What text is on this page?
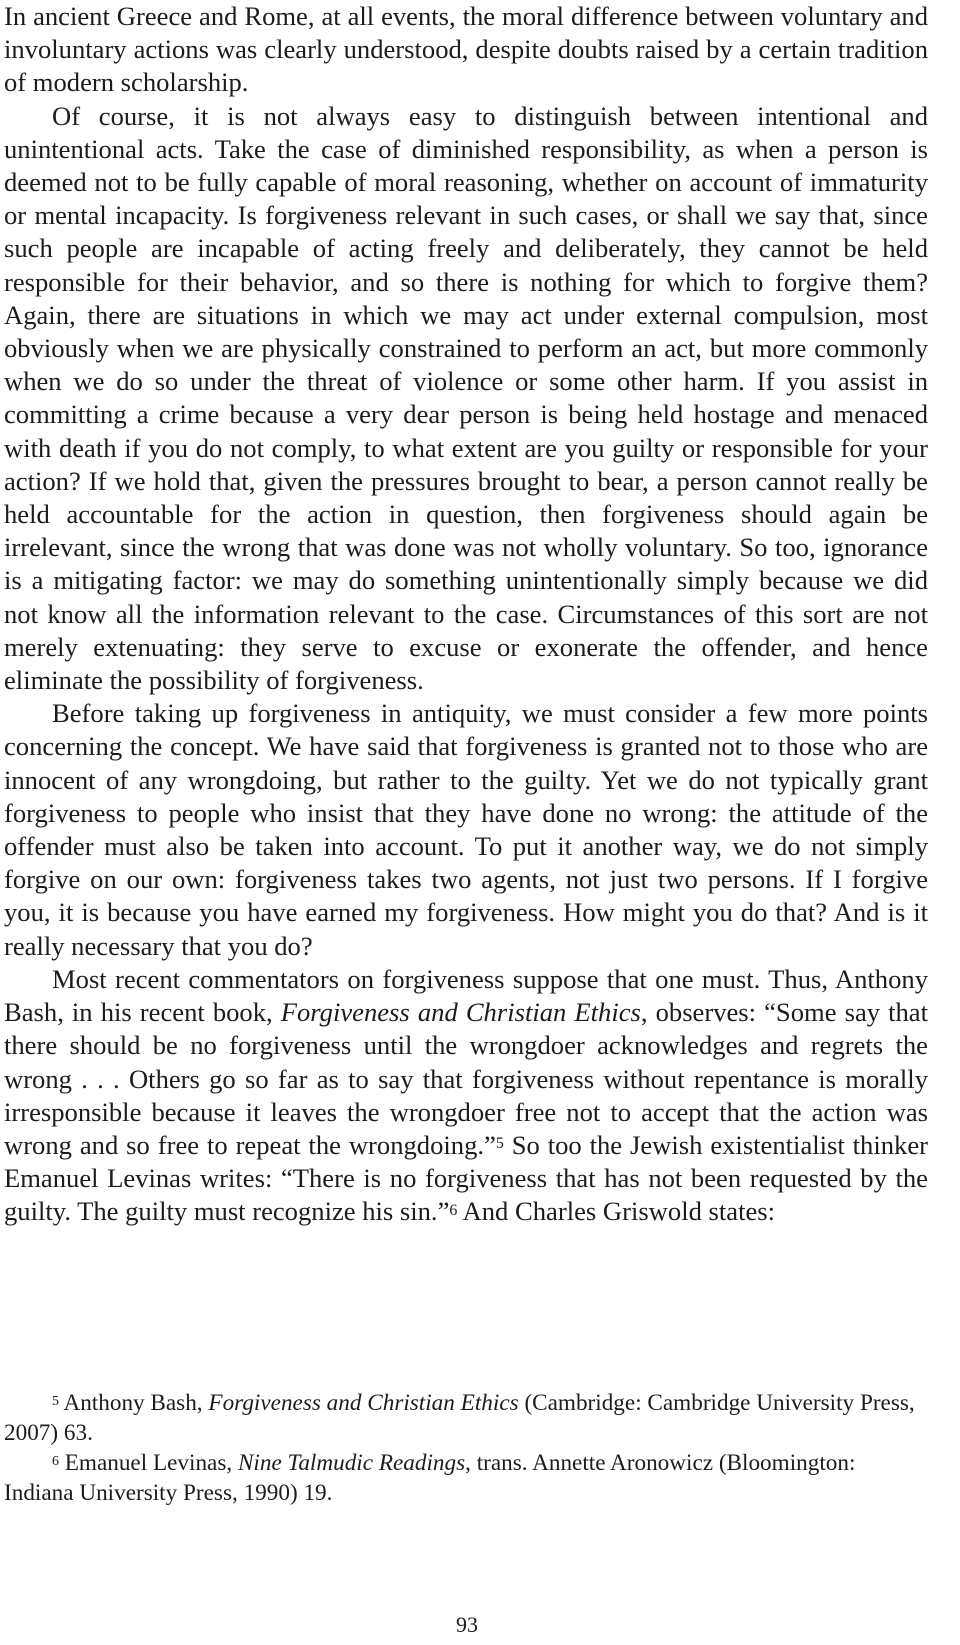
In ancient Greece and Rome, at all events, the moral difference between voluntary and involuntary actions was clearly understood, despite doubts raised by a certain tradition of modern scholarship.

Of course, it is not always easy to distinguish between intentional and unintentional acts. Take the case of diminished responsibility, as when a person is deemed not to be fully capable of moral reasoning, whether on account of immaturity or mental incapacity. Is forgiveness relevant in such cases, or shall we say that, since such people are incapable of acting freely and deliberately, they cannot be held responsible for their behavior, and so there is nothing for which to forgive them? Again, there are situations in which we may act under external compulsion, most obviously when we are physically constrained to perform an act, but more commonly when we do so under the threat of violence or some other harm. If you assist in committing a crime because a very dear person is being held hostage and menaced with death if you do not comply, to what extent are you guilty or responsible for your action? If we hold that, given the pressures brought to bear, a person cannot really be held accountable for the action in question, then forgiveness should again be irrelevant, since the wrong that was done was not wholly voluntary. So too, ignorance is a mitigating factor: we may do something unintentionally simply because we did not know all the information relevant to the case. Circumstances of this sort are not merely extenuating: they serve to excuse or exonerate the offender, and hence eliminate the possibility of forgiveness.

Before taking up forgiveness in antiquity, we must consider a few more points concerning the concept. We have said that forgiveness is granted not to those who are innocent of any wrongdoing, but rather to the guilty. Yet we do not typically grant forgiveness to people who insist that they have done no wrong: the attitude of the offender must also be taken into account. To put it another way, we do not simply forgive on our own: forgiveness takes two agents, not just two persons. If I forgive you, it is because you have earned my forgiveness. How might you do that? And is it really necessary that you do?

Most recent commentators on forgiveness suppose that one must. Thus, Anthony Bash, in his recent book, Forgiveness and Christian Ethics, observes: “Some say that there should be no forgiveness until the wrongdoer acknowledges and regrets the wrong . . . Others go so far as to say that forgiveness without repentance is morally irresponsible because it leaves the wrongdoer free not to accept that the action was wrong and so free to repeat the wrongdoing.”$^5$ So too the Jewish existentialist thinker Emanuel Levinas writes: “There is no forgiveness that has not been requested by the guilty. The guilty must recognize his sin.”$^6$ And Charles Griswold states:

$^5$ Anthony Bash, Forgiveness and Christian Ethics (Cambridge: Cambridge University Press, 2007) 63.

$^6$ Emanuel Levinas, Nine Talmudic Readings, trans. Annette Aronowicz (Bloomington: Indiana University Press, 1990) 19.

93
